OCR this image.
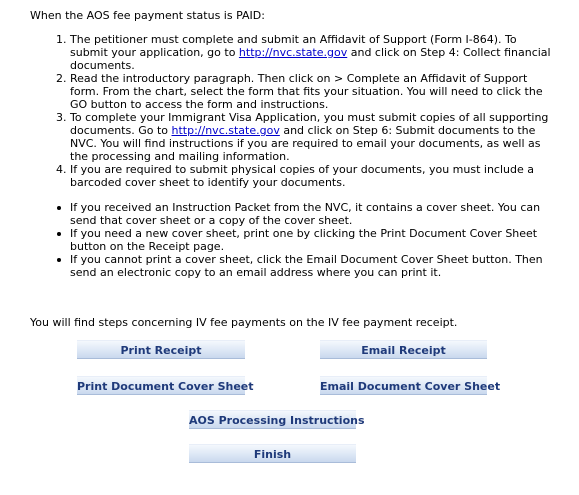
When the AOS fee payment status is PAID:

1. The petitioner must complete and submit an Affidavit of Support (Form I-864). To submit your application, go to http://nvc.state.gov and click on Step 4: Collect financial documents.
2. Read the introductory paragraph. Then click on > Complete an Affidavit of Support form. From the chart, select the form that fits your situation. You will need to click the GO button to access the form and instructions.
3. To complete your Immigrant Visa Application, you must submit copies of all supporting documents. Go to http://nvc.state.gov and click on Step 6: Submit documents to the NVC. You will find instructions if you are required to email your documents, as well as the processing and mailing information.
4. If you are required to submit physical copies of your documents, you must include a barcoded cover sheet to identify your documents.
If you received an Instruction Packet from the NVC, it contains a cover sheet. You can send that cover sheet or a copy of the cover sheet.
If you need a new cover sheet, print one by clicking the Print Document Cover Sheet button on the Receipt page.
If you cannot print a cover sheet, click the Email Document Cover Sheet button. Then send an electronic copy to an email address where you can print it.

You will find steps concerning IV fee payments on the IV fee payment receipt.

Print Receipt	Email Receipt
Print Document Cover Sheet	Email Document Cover Sheet
AOS Processing Instructions
Finish
